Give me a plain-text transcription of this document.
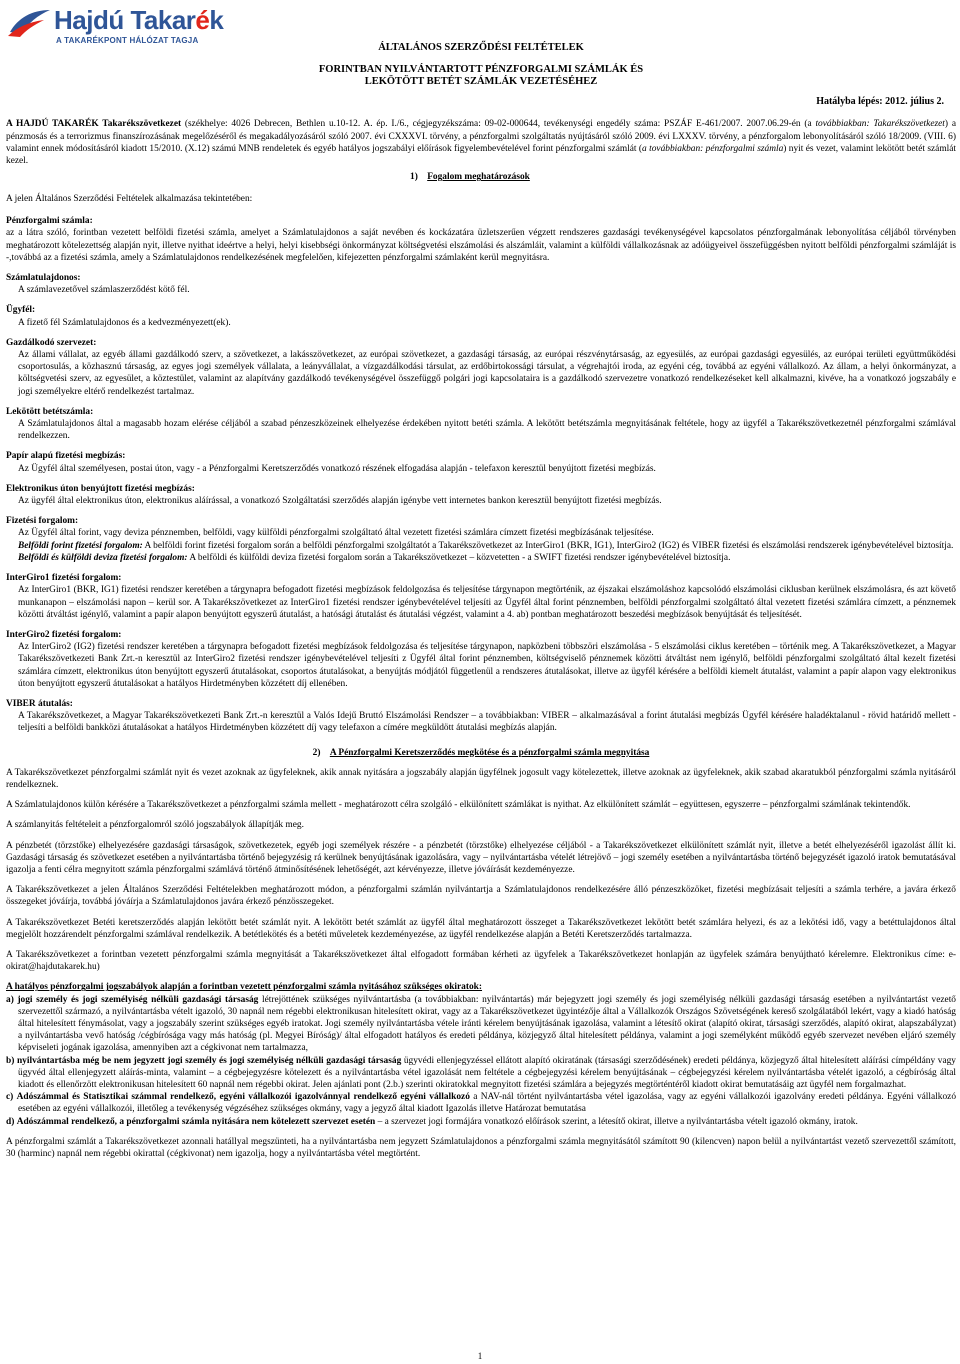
Hajdú Takarék
A TAKARÉKPONT HÁLÓZAT TAGJA

ÁLTALÁNOS SZERZŐDÉSI FELTÉTELEK

FORINTBAN NYILVÁNTARTOTT PÉNZFORGALMI SZÁMLÁK ÉS

LEKÖTÖTT BETÉT SZÁMLÁK VEZETÉSÉHEZ

Hatályba lépés: 2012. július 2.

A HAJDÚ TAKARÉK Takarékszövetkezet (székhelye: 4026 Debrecen, Bethlen u.10-12. A. ép. I./6., cégjegyzékszáma: 09-02-000644, tevékenységi engedély száma: PSZÁF E-461/2007. 2007.06.29-én (a továbbiakban: Takarékszövetkezet) a pénzmosás és a terrorizmus finanszírozásának megelőzéséről és megakadályozásáról szóló 2007. évi CXXXVI. törvény, a pénzforgalmi szolgáltatás nyújtásáról szóló 2009. évi LXXXV. törvény, a pénzforgalom lebonyolításáról szóló 18/2009. (VIII. 6) valamint ennek módosításáról kiadott 15/2010. (X.12) számú MNB rendeletek és egyéb hatályos jogszabályi előírások figyelembevételével forint pénzforgalmi számlát (a továbbiakban: pénzforgalmi számla) nyit és vezet, valamint lekötött betét számlát kezel.

A jelen Általános Szerződési Feltételek alkalmazása tekintetében:
1) Fogalom meghatározások

Pénzforgalmi számla:

az a látra szóló, forintban vezetett belföldi fizetési számla, amelyet a Számlatulajdonos a saját nevében és kockázatára üzletszerűen végzett rendszeres gazdasági tevékenységével kapcsolatos pénzforgalmának lebonyolítása céljából törvényben meghatározott kötelezettség alapján nyit, illetve nyithat ideértve a helyi, helyi kisebbségi önkormányzat költségvetési elszámolási és alszámláit, valamint a külföldi vállalkozásnak az adóügyeivel összefüggésben nyitott belföldi pénzforgalmi számláját is -,továbbá az a fizetési számla, amely a Számlatulajdonos rendelkezésének megfelelően, kifejezetten pénzforgalmi számlaként kerül megnyitásra.

Számlatulajdonos:

A számlavezetővel számlaszerződést kötő fél.

Ügyfél:

A fizető fél Számlatulajdonos és a kedvezményezett(ek).

Gazdálkodó szervezet:

Az állami vállalat, az egyéb állami gazdálkodó szerv, a szövetkezet, a lakásszövetkezet, az európai szövetkezet, a gazdasági társaság, az európai részvénytársaság, az egyesülés, az európai gazdasági egyesülés, az európai területi együttműködési csoportosulás, a közhasznú társaság, az egyes jogi személyek vállalata, a leányvállalat, a vízgazdálkodási társulat, az erdőbirtokossági társulat, a végrehajtói iroda, az egyéni cég, továbbá az egyéni vállalkozó. Az állam, a helyi önkormányzat, a költségvetési szerv, az egyesület, a köztestület, valamint az alapítvány gazdálkodó tevékenységével összefüggő polgári jogi kapcsolataira is a gazdálkodó szervezetre vonatkozó rendelkezéseket kell alkalmazni, kivéve, ha a vonatkozó jogszabály e jogi személyekre eltérő rendelkezést tartalmaz.

Lekötött betétszámla:

A Számlatulajdonos által a magasabb hozam elérése céljából a szabad pénzeszközeinek elhelyezése érdekében nyitott betéti számla. A lekötött betétszámla megnyitásának feltétele, hogy az ügyfél a Takarékszövetkezetnél pénzforgalmi számlával rendelkezzen.

Papír alapú fizetési megbízás:

Az Ügyfél által személyesen, postai úton, vagy - a Pénzforgalmi Keretszerződés vonatkozó részének elfogadása alapján - telefaxon keresztül benyújtott fizetési megbízás.

Elektronikus úton benyújtott fizetési megbízás:

Az ügyfél által elektronikus úton, elektronikus aláírással, a vonatkozó Szolgáltatási szerződés alapján igénybe vett internetes bankon keresztül benyújtott fizetési megbízás.

Fizetési forgalom:

Az Ügyfél által forint, vagy deviza pénznemben, belföldi, vagy külföldi pénzforgalmi szolgáltató által vezetett fizetési számlára címzett fizetési megbízásának teljesítése.

Belföldi forint fizetési forgalom: A belföldi forint fizetési forgalom során a belföldi pénzforgalmi szolgáltatót a Takarékszövetkezet az InterGiro1 (BKR, IG1), InterGiro2 (IG2) és VIBER fizetési és elszámolási rendszerek igénybevételével biztosítja.

Belföldi és külföldi deviza fizetési forgalom: A belföldi és külföldi deviza fizetési forgalom során a Takarékszövetkezet – közvetetten - a SWIFT fizetési rendszer igénybevételével biztosítja.

InterGiro1 fizetési forgalom:

Az InterGiro1 (BKR, IG1) fizetési rendszer keretében a tárgynapra befogadott fizetési megbízások feldolgozása és teljesítése tárgynapon megtörténik, az éjszakai elszámoláshoz kapcsolódó elszámolási ciklusban kerülnek elszámolásra, és azt követő munkanapon – elszámolási napon – kerül sor. A Takarékszövetkezet az InterGiro1 fizetési rendszer igénybevételével teljesíti az Ügyfél által forint pénznemben, belföldi pénzforgalmi szolgáltató által vezetett fizetési számlára címzett, a pénznemek közötti átváltást igénylő, valamint a papír alapon benyújtott egyszerű átutalást, a hatósági átutalást és átutalási végzést, valamint a 4. ab) pontban meghatározott beszedési megbízások benyújtását és teljesítését.

InterGiro2 fizetési forgalom:

Az InterGiro2 (IG2) fizetési rendszer keretében a tárgynapra befogadott fizetési megbízások feldolgozása és teljesítése tárgynapon, napközbeni többszöri elszámolása - 5 elszámolási ciklus keretében – történik meg. A Takarékszövetkezet, a Magyar Takarékszövetkezeti Bank Zrt.-n keresztül az InterGiro2 fizetési rendszer igénybevételével teljesíti z Ügyfél által forint pénznemben, költségviselő pénznemek közötti átváltást nem igénylő, belföldi pénzforgalmi szolgáltató által kezelt fizetési számlára címzett, elektronikus úton benyújtott egyszerű átutalásokat, csoportos átutalásokat, a benyújtás módjától függetlenül a rendszeres átutalásokat, illetve az ügyfél kérésére a belföldi kiemelt átutalást, valamint a papír alapon vagy elektronikus úton benyújtott egyszerű átutalásokat a hatályos Hirdetményben közzétett díj ellenében.

VIBER átutalás:

A Takarékszövetkezet, a Magyar Takarékszövetkezeti Bank Zrt.-n keresztül a Valós Idejű Bruttó Elszámolási Rendszer – a továbbiakban: VIBER – alkalmazásával a forint átutalási megbízás Ügyfél kérésére haladéktalanul - rövid határidő mellett - teljesíti a belföldi bankközi átutalásokat a hatályos Hirdetményben közzétett díj vagy telefaxon a címére megküldött átutalási megbízás alapján.

2) A Pénzforgalmi Keretszerződés megkötése és a pénzforgalmi számla megnyitása

A Takarékszövetkezet pénzforgalmi számlát nyit és vezet azoknak az ügyfeleknek, akik annak nyitására a jogszabály alapján ügyfélnek jogosult vagy kötelezettek, illetve azoknak az ügyfeleknek, akik szabad akaratukból pénzforgalmi számla nyitásáról rendelkeznek.

A Számlatulajdonos külön kérésére a Takarékszövetkezet a pénzforgalmi számla mellett - meghatározott célra szolgáló - elkülönített számlákat is nyithat. Az elkülönített számlát – együttesen, egyszerre – pénzforgalmi számlának tekintendők.

A számlanyitás feltételeit a pénzforgalomról szóló jogszabályok állapítják meg.

A pénzbetét (törzstőke) elhelyezésére gazdasági társaságok, szövetkezetek, egyéb jogi személyek részére - a pénzbetét (törzstőke) elhelyezése céljából - a Takarékszövetkezet elkülönített számlát nyit, illetve a betét elhelyezéséről igazolást állít ki. Gazdasági társaság és szövetkezet esetében a nyilvántartásba történő bejegyzésig rá kerülnek benyújtásának igazolására, vagy – nyilvántartásba vételét létrejövő – jogi személy esetében a nyilvántartásba történő bejegyzését igazoló iratok bemutatásával igazolja a fenti célra megnyitott számla pénzforgalmi számlává történő átminősítésének lehetőségét, azt kérvényezze, illetve jóváírását kezdeményezze.

A Takarékszövetkezet a jelen Általános Szerződési Feltételekben meghatározott módon, a pénzforgalmi számlán nyilvántartja a Számlatulajdonos rendelkezésére álló pénzeszközöket, fizetési megbízásait teljesíti a számla terhére, a javára érkező összegeket jóváírja, továbbá jóváírja a Számlatulajdonos javára érkező pénzösszegeket.

A Takarékszövetkezet Betéti keretszerződés alapján lekötött betét számlát nyit. A lekötött betét számlát az ügyfél által meghatározott összeget a Takarékszövetkezet lekötött betét számlára helyezi, és az a lekötési idő, vagy a betéttulajdonos által megjelölt hozzárendelt pénzforgalmi számlával rendelkezik. A betétlekötés és a betéti műveletek kezdeményezése, az ügyfél rendelkezése alapján a Betéti Keretszerződés tartalmazza.

A Takarékszövetkezet a forintban vezetett pénzforgalmi számla megnyitását a Takarékszövetkezet által elfogadott formában kérheti az ügyfelek a Takarékszövetkezet honlapján az ügyfelek számára benyújtható kérelemre. Elektronikus címe: e-okirat@hajdutakarek.hu)

A hatályos pénzforgalmi jogszabályok alapján a forintban vezetett pénzforgalmi számla nyitásához szükséges okiratok:

a) jogi személy és jogi személyiség nélküli gazdasági társaság létrejöttének szükséges nyilvántartásba (a továbbiakban: nyilvántartás) már bejegyzett jogi személy és jogi személyiség nélküli gazdasági társaság esetében a nyilvántartást vezető szervezettől származó, a nyilvántartásba vételt igazoló, 30 napnál nem régebbi elektronikusan hitelesített okirat, vagy az a Takarékszövetkezet ügyintézője által a Vállalkozók Országos Szövetségének kereső szolgálatából lekért, vagy a kiadó hatóság által hitelesített fénymásolat, vagy a jogszabály szerint szükséges egyéb iratokat. Jogi személy nyilvántartásba vétele iránti kérelem benyújtásának igazolása, valamint a létesítő okirat (alapító okirat, társasági szerződés, alapító okirat, alapszabályzat) a nyilvántartásba vevő hatóság /cégbírósága vagy más hatóság (pl. Megyei Bíróság)/ által elfogadott hatályos és eredeti példánya, közjegyző által hitelesített példánya, valamint a jogi személyként működő egyéb szervezet nevében eljáró személy képviseleti jogának igazolása, amennyiben azt a cégkivonat nem tartalmazza,

b) nyilvántartásba még be nem jegyzett jogi személy és jogi személyiség nélküli gazdasági társaság ügyvédi ellenjegyzéssel ellátott alapító okiratának (társasági szerződésének) eredeti példánya, közjegyző által hitelesített aláírási címpéldány vagy ügyvéd által ellenjegyzett aláírás-minta, valamint – a cégbejegyzésre kötelezett és a nyilvántartásba vétel igazolását nem feltétele a cégbejegyzési kérelem benyújtásának – cégbejegyzési kérelem nyilvántartásba vételét igazoló, a cégbíróság által kiadott és ellenőrzött elektronikusan hitelesített 60 napnál nem régebbi okirat. Jelen ajánlati pont (2.b.) szerinti okiratokkal megnyitott fizetési számlára a bejegyzés megtörténtéről kiadott okirat bemutatásáig azt ügyfél nem forgalmazhat.

c) Adószámmal és Statisztikai számmal rendelkező, egyéni vállalkozói igazolvánnyal rendelkező egyéni vállalkozó a NAV-nál történt nyilvántartásba vétel igazolása, vagy az egyéni vállalkozói igazolvány eredeti példánya. Egyéni vállalkozó esetében az egyéni vállalkozói, illetőleg a tevékenység végzéséhez szükséges okmány, vagy a jegyző által kiadott Igazolás illetve Határozat bemutatása

d) Adószámmal rendelkező, a pénzforgalmi számla nyitására nem kötelezett szervezet esetén – a szervezet jogi formájára vonatkozó előírások szerint, a létesítő okirat, illetve a nyilvántartásba vételt igazoló okmány, iratok.

A pénzforgalmi számlát a Takarékszövetkezet azonnali hatállyal megszünteti, ha a nyilvántartásba nem jegyzett Számlatulajdonos a pénzforgalmi számla megnyitásától számított 90 (kilencven) napon belül a nyilvántartást vezető szervezettől számított, 30 (harminc) napnál nem régebbi okirattal (cégkivonat) nem igazolja, hogy a nyilvántartásba vétel megtörtént.

1
